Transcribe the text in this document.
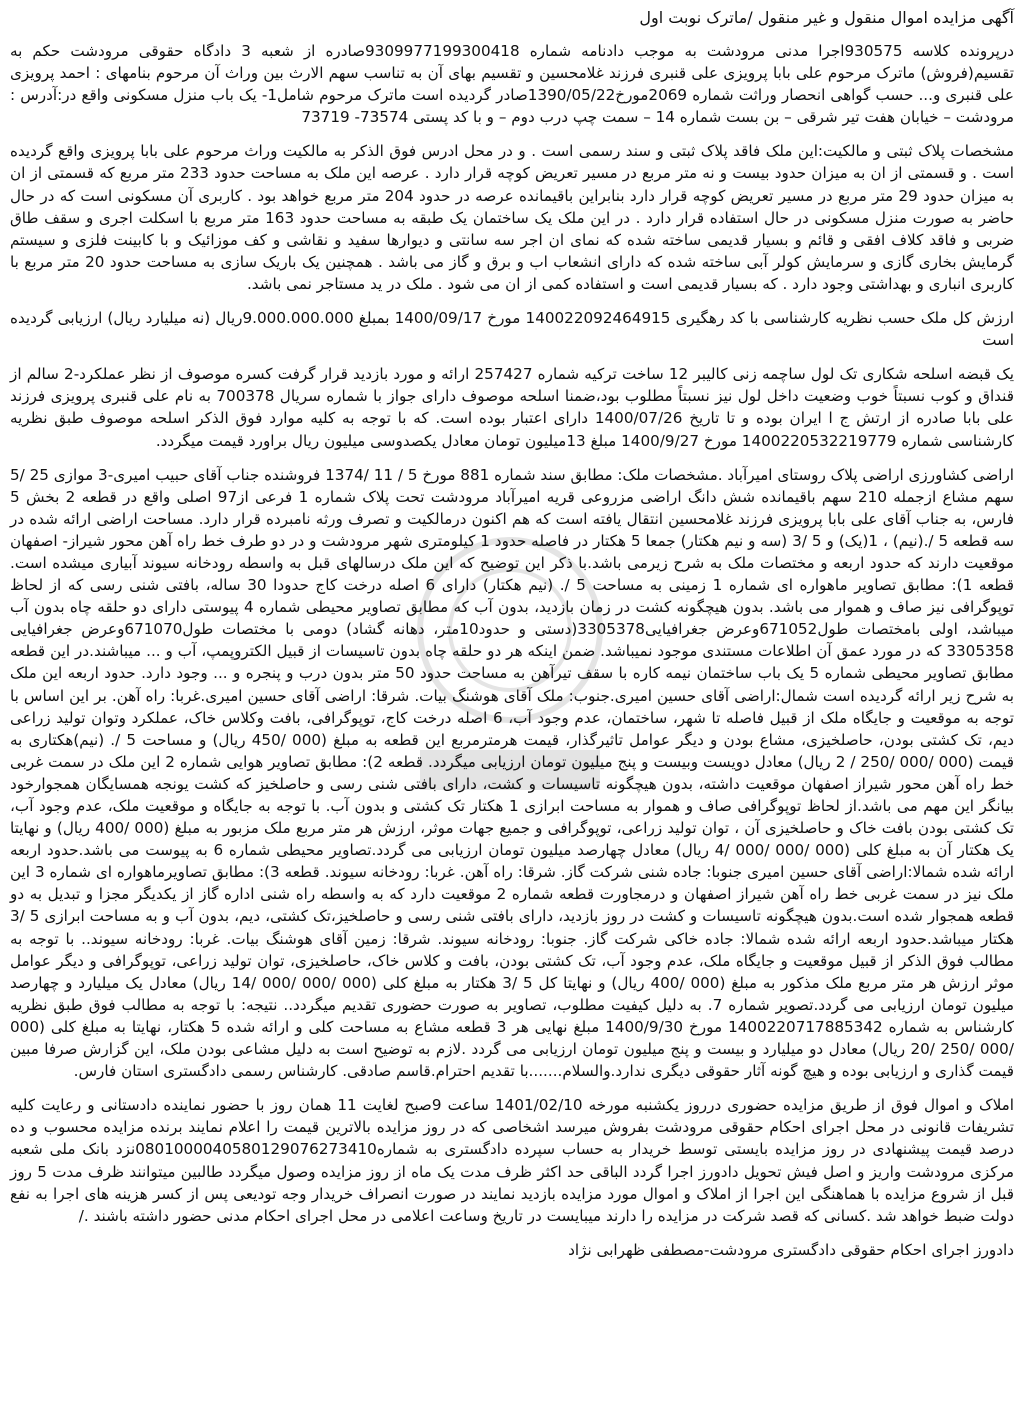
آگهی مزایده اموال منقول و غیر منقول /ماترک نوبت اول

درپرونده کلاسه 930575اجرا مدنی مرودشت به موجب دادنامه شماره 9309977199300418صادره از شعبه 3 دادگاه حقوقی مرودشت حکم به تقسیم(فروش) ماترک مرحوم علی بابا پرویزی علی قنبری فرزند غلامحسین و تقسیم بهای آن به تناسب سهم الارث بین وراث آن مرحوم بنامهای : احمد پرویزی علی قنبری و... حسب گواهی انحصار وراثت شماره 2069مورخ1390/05/22صادر گردیده است ماترک مرحوم شامل1- یک باب منزل مسکونی واقع در:آدرس : مرودشت – خیابان هفت تیر شرقی – بن بست شماره 14 – سمت چپ درب دوم – و با کد پستی 73574- 73719

مشخصات پلاک ثبتی و مالکیت:این ملک فاقد پلاک ثبتی و سند رسمی است . و در محل ادرس فوق الذکر به مالکیت وراث مرحوم علی بابا پرویزی واقع گردیده است . و قسمتی از ان به میزان حدود بیست و نه متر مربع در مسیر تعریض کوچه قرار دارد . عرصه این ملک به مساحت حدود 233 متر مربع که قسمتی از ان به میزان حدود 29 متر مربع در مسیر تعریض کوچه قرار دارد بنابراین باقیمانده عرصه در حدود 204 متر مربع خواهد بود . کاربری آن مسکونی است که در حال حاضر به صورت منزل مسکونی در حال استفاده قرار دارد . در این ملک یک ساختمان یک طبقه به مساحت حدود 163 متر مربع با اسکلت اجری و سقف طاق ضربی و فاقد کلاف افقی و قائم و بسیار قدیمی ساخته شده که نمای ان اجر سه سانتی و دیوارها سفید و نقاشی و کف موزائیک و با کابینت فلزی و سیستم گرمایش بخاری گازی و سرمایش کولر آبی ساخته شده که دارای انشعاب اب و برق و گاز می باشد . همچنین یک باریک سازی به مساحت حدود 20 متر مربع با کاربری انباری و بهداشتی وجود دارد . که بسیار قدیمی است و استفاده کمی از ان می شود . ملک در ید مستاجر نمی باشد.

ارزش کل ملک حسب نظریه کارشناسی با کد رهگیری 140022092464915 مورخ 1400/09/17 بمبلغ 9.000.000.000ریال (نه میلیارد ریال) ارزیابی گردیده است

یک قبضه اسلحه شکاری تک لول ساچمه زنی کالیبر 12 ساخت ترکیه شماره 257427 ارائه و مورد بازدید قرار گرفت کسره موصوف از نظر عملکرد-2 سالم از قنداق و کوب نسبتاً خوب وضعیت داخل لول نیز نسبتاً مطلوب بود،ضمنا اسلحه موصوف دارای جواز با شماره سریال 700378 به نام علی قنبری پرویزی فرزند علی بابا صادره از ارتش ج ا ایران بوده و تا تاریخ 1400/07/26 دارای اعتبار بوده است. که با توجه به کلیه موارد فوق الذکر اسلحه موصوف طبق نظریه کارشناسی شماره 1400220532219779 مورخ 1400/9/27 مبلغ 13میلیون تومان معادل یکصدوسی میلیون ریال براورد قیمت میگردد.

اراضی کشاورزی اراضی پلاک روستای امیرآباد .مشخصات ملک: مطابق سند شماره 881 مورخ 5 / 11 /1374 فروشنده جناب آقای حبیب امیری-3 موازی 25 /5 سهم مشاع ازجمله 210 سهم باقیمانده شش دانگ اراضی مزروعی قریه امیرآباد مرودشت تحت پلاک شماره 1 فرعی از97 اصلی واقع در قطعه 2 بخش 5 فارس، به جناب آقای علی بابا پرویزی فرزند غلامحسین انتقال یافته است که هم اکنون درمالکیت و تصرف ورثه نامبرده قرار دارد. مساحت اراضی ارائه شده در سه قطعه 5 /.(نیم) ، 1(یک) و 5 /3 (سه و نیم هکتار) جمعا 5 هکتار در فاصله حدود 1 کیلومتری شهر مرودشت و در دو طرف خط راه آهن محور شیراز- اصفهان موقعیت دارند که حدود اربعه و مختصات ملک به شرح زیرمی باشد.با ذکر این توضیح که این ملک درسالهای قبل به واسطه رودخانه سیوند آبیاری میشده است. قطعه 1): مطابق تصاویر ماهواره ای شماره 1 زمینی به مساحت 5 /. (نیم هکتار) دارای 6 اصله درخت کاج حدودا 30 ساله، بافتی شنی رسی که از لحاظ توپوگرافی نیز صاف و هموار می باشد. بدون هیچگونه کشت در زمان بازدید، بدون آب که مطابق تصاویر محیطی شماره 4 پیوستی دارای دو حلقه چاه بدون آب میباشد، اولی بامختصات طول671052وعرض جغرافیایی3305378(دستی و حدود10متر، دهانه گشاد) دومی با مختصات طول671070وعرض جغرافیایی 3305358 که در مورد عمق آن اطلاعات مستندی موجود نمیباشد. ضمن اینکه هر دو حلقه چاه بدون تاسیسات از قبیل الکتروپمپ، آب و ... میباشند.در این قطعه مطابق تصاویر محیطی شماره 5 یک باب ساختمان نیمه کاره با سقف تیرآهن به مساحت حدود 50 متر بدون درب و پنجره و ... وجود دارد. حدود اربعه این ملک به شرح زیر ارائه گردیده است شمال:اراضی آقای حسین امیری.جنوب: ملک آقای هوشنگ بیات. شرقا: اراضی آقای حسین امیری.غربا: راه آهن. بر این اساس با توجه به موقعیت و جایگاه ملک از قبیل فاصله تا شهر، ساختمان، عدم وجود آب، 6 اصله درخت کاج، توپوگرافی، بافت وکلاس خاک، عملکرد وتوان تولید زراعی دیم، تک کشتی بودن، حاصلخیزی، مشاع بودن و دیگر عوامل تاثیرگذار، قیمت هرمترمربع این قطعه به مبلغ (000 /450 ریال) و مساحت 5 /. (نیم)هکتاری به قیمت (000 /000 /250 / 2 ریال) معادل دویست وبیست و پنج میلیون تومان ارزیابی میگردد. قطعه 2): مطابق تصاویر هوایی شماره 2 این ملک در سمت غربی خط راه آهن محور شیراز اصفهان موقعیت داشته، بدون هیچگونه تاسیسات و کشت، دارای بافتی شنی رسی و حاصلخیز که کشت یونجه همسایگان همجوارخود بیانگر این مهم می باشد.از لحاظ توپوگرافی صاف و هموار به مساحت ابرازی 1 هکتار تک کشتی و بدون آب. با توجه به جایگاه و موقعیت ملک، عدم وجود آب، تک کشتی بودن بافت خاک و حاصلخیزی آن ، توان تولید زراعی، توپوگرافی و جمیع جهات موثر، ارزش هر متر مربع ملک مزبور به مبلغ (000 /400 ریال) و نهایتا یک هکتار آن به مبلغ کلی (000 /000 /000 /4 ریال) معادل چهارصد میلیون تومان ارزیابی می گردد.تصاویر محیطی شماره 6 به پیوست می باشد.حدود اربعه ارائه شده شمالا:اراضی آقای حسین امیری جنوبا: جاده شنی شرکت گاز. شرقا: راه آهن. غربا: رودخانه سیوند. قطعه 3): مطابق تصاویرماهواره ای شماره 3 این ملک نیز در سمت غربی خط راه آهن شیراز اصفهان و درمجاورت قطعه شماره 2 موقعیت دارد که به واسطه راه شنی اداره گاز از یکدیگر مجزا و تبدیل به دو قطعه همجوار شده است.بدون هیچگونه تاسیسات و کشت در روز بازدید، دارای بافتی شنی رسی و حاصلخیز،تک کشتی، دیم، بدون آب و به مساحت ابرازی 5 /3 هکتار میباشد.حدود اربعه ارائه شده شمالا: جاده خاکی شرکت گاز. جنوبا: رودخانه سیوند. شرقا: زمین آقای هوشنگ بیات. غربا: رودخانه سیوند.. با توجه به مطالب فوق الذکر از قبیل موقعیت و جایگاه ملک، عدم وجود آب، تک کشتی بودن، بافت و کلاس خاک، حاصلخیزی، توان تولید زراعی، توپوگرافی و دیگر عوامل موثر ارزش هر متر مربع ملک مذکور به مبلغ (000 /400 ریال) و نهایتا کل 5 /3 هکتار به مبلغ کلی (000 /000 /000 /14 ریال) معادل یک میلیارد و چهارصد میلیون تومان ارزیابی می گردد.تصویر شماره 7. به دلیل کیفیت مطلوب، تصاویر به صورت حضوری تقدیم میگردد.. نتیجه: با توجه به مطالب فوق طبق نظریه کارشناس به شماره 1400220717885342 مورخ 1400/9/30 مبلغ نهایی هر 3 قطعه مشاع به مساحت کلی و ارائه شده 5 هکتار، نهایتا به مبلغ کلی (000 /000 /250 /20 ریال) معادل دو میلیارد و بیست و پنج میلیون تومان ارزیابی می گردد .لازم به توضیح است به دلیل مشاعی بودن ملک، این گزارش صرفا مبین قیمت گذاری و ارزیابی بوده و هیچ گونه آثار حقوقی دیگری ندارد.والسلام.......با تقدیم احترام.قاسم صادقی. کارشناس رسمی دادگستری استان فارس.

املاک و اموال فوق از طریق مزایده حضوری درروز یکشنبه مورخه 1401/02/10 ساعت 9صبح لغایت 11 همان روز با حضور نماینده دادستانی و رعایت کلیه تشریفات قانونی در محل اجرای احکام حقوقی مرودشت بفروش میرسد اشخاصی که در روز مزایده بالاترین قیمت را اعلام نمایند برنده مزایده محسوب و ده درصد قیمت پیشنهادی در روز مزایده بایستی توسط خریدار به حساب سپرده دادگستری به شماره0801000040580129076273410نزد بانک ملی شعبه مرکزی مرودشت واریز و اصل فیش تحویل دادورز اجرا گردد الباقی حد اکثر ظرف مدت یک ماه از روز مزایده وصول میگردد طالبین میتوانند ظرف مدت 5 روز قبل از شروع مزایده با هماهنگی این اجرا از املاک و اموال مورد مزایده بازدید نمایند در صورت انصراف خریدار وجه تودیعی پس از کسر هزینه های اجرا به نفع دولت ضبط خواهد شد .کسانی که قصد شرکت در مزایده را دارند میبایست در تاریخ وساعت اعلامی در محل اجرای احکام مدنی حضور داشته باشند ./

دادورز اجرای احکام حقوقی دادگستری مرودشت-مصطفی ظهرابی نژاد
